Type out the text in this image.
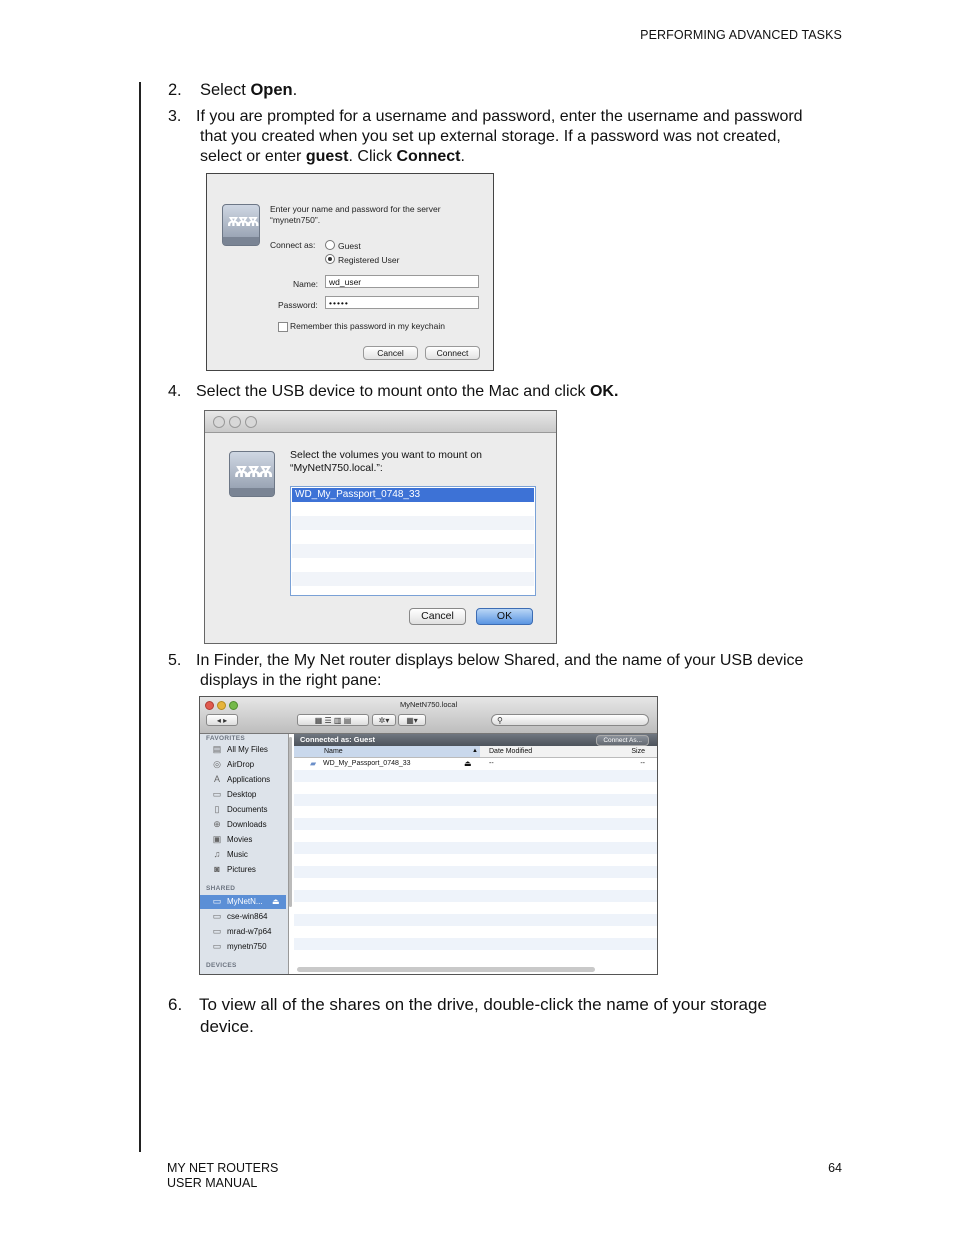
PERFORMING ADVANCED TASKS
2. Select Open.
3. If you are prompted for a username and password, enter the username and password
that you created when you set up external storage. If a password was not created,
select or enter guest. Click Connect.
ѫѫѫ
Enter your name and password for the server
“mynetn750”.
Connect as:	Guest
Registered User
Name:	wd_user
Password:	•••••
Remember this password in my keychain
Cancel	Connect
4. Select the USB device to mount onto the Mac and click OK.
ѫѫѫ
Select the volumes you want to mount on
“MyNetN750.local.”:
WD_My_Passport_0748_33
Cancel	OK
5. In Finder, the My Net router displays below Shared, and the name of your USB device
displays in the right pane:
MyNetN750.local
◂ ▸	▦ ☰ ▥ ▤	✲▾	▦▾	⚲
FAVORITES
▤ All My Files
◎ AirDrop
A Applications
▭ Desktop
▯ Documents
⊕ Downloads
▣ Movies
♫ Music
◙ Pictures
SHARED
▭ MyNetN... ⏏
▭ cse-win864
▭ mrad-w7p64
▭ mynetn750
DEVICES
Connected as: Guest	Connect As...
Name	▲ Date Modified	Size
▰ WD_My_Passport_0748_33	⏏ --	--
6. To view all of the shares on the drive, double-click the name of your storage
device.
MY NET ROUTERS
USER MANUAL
64
